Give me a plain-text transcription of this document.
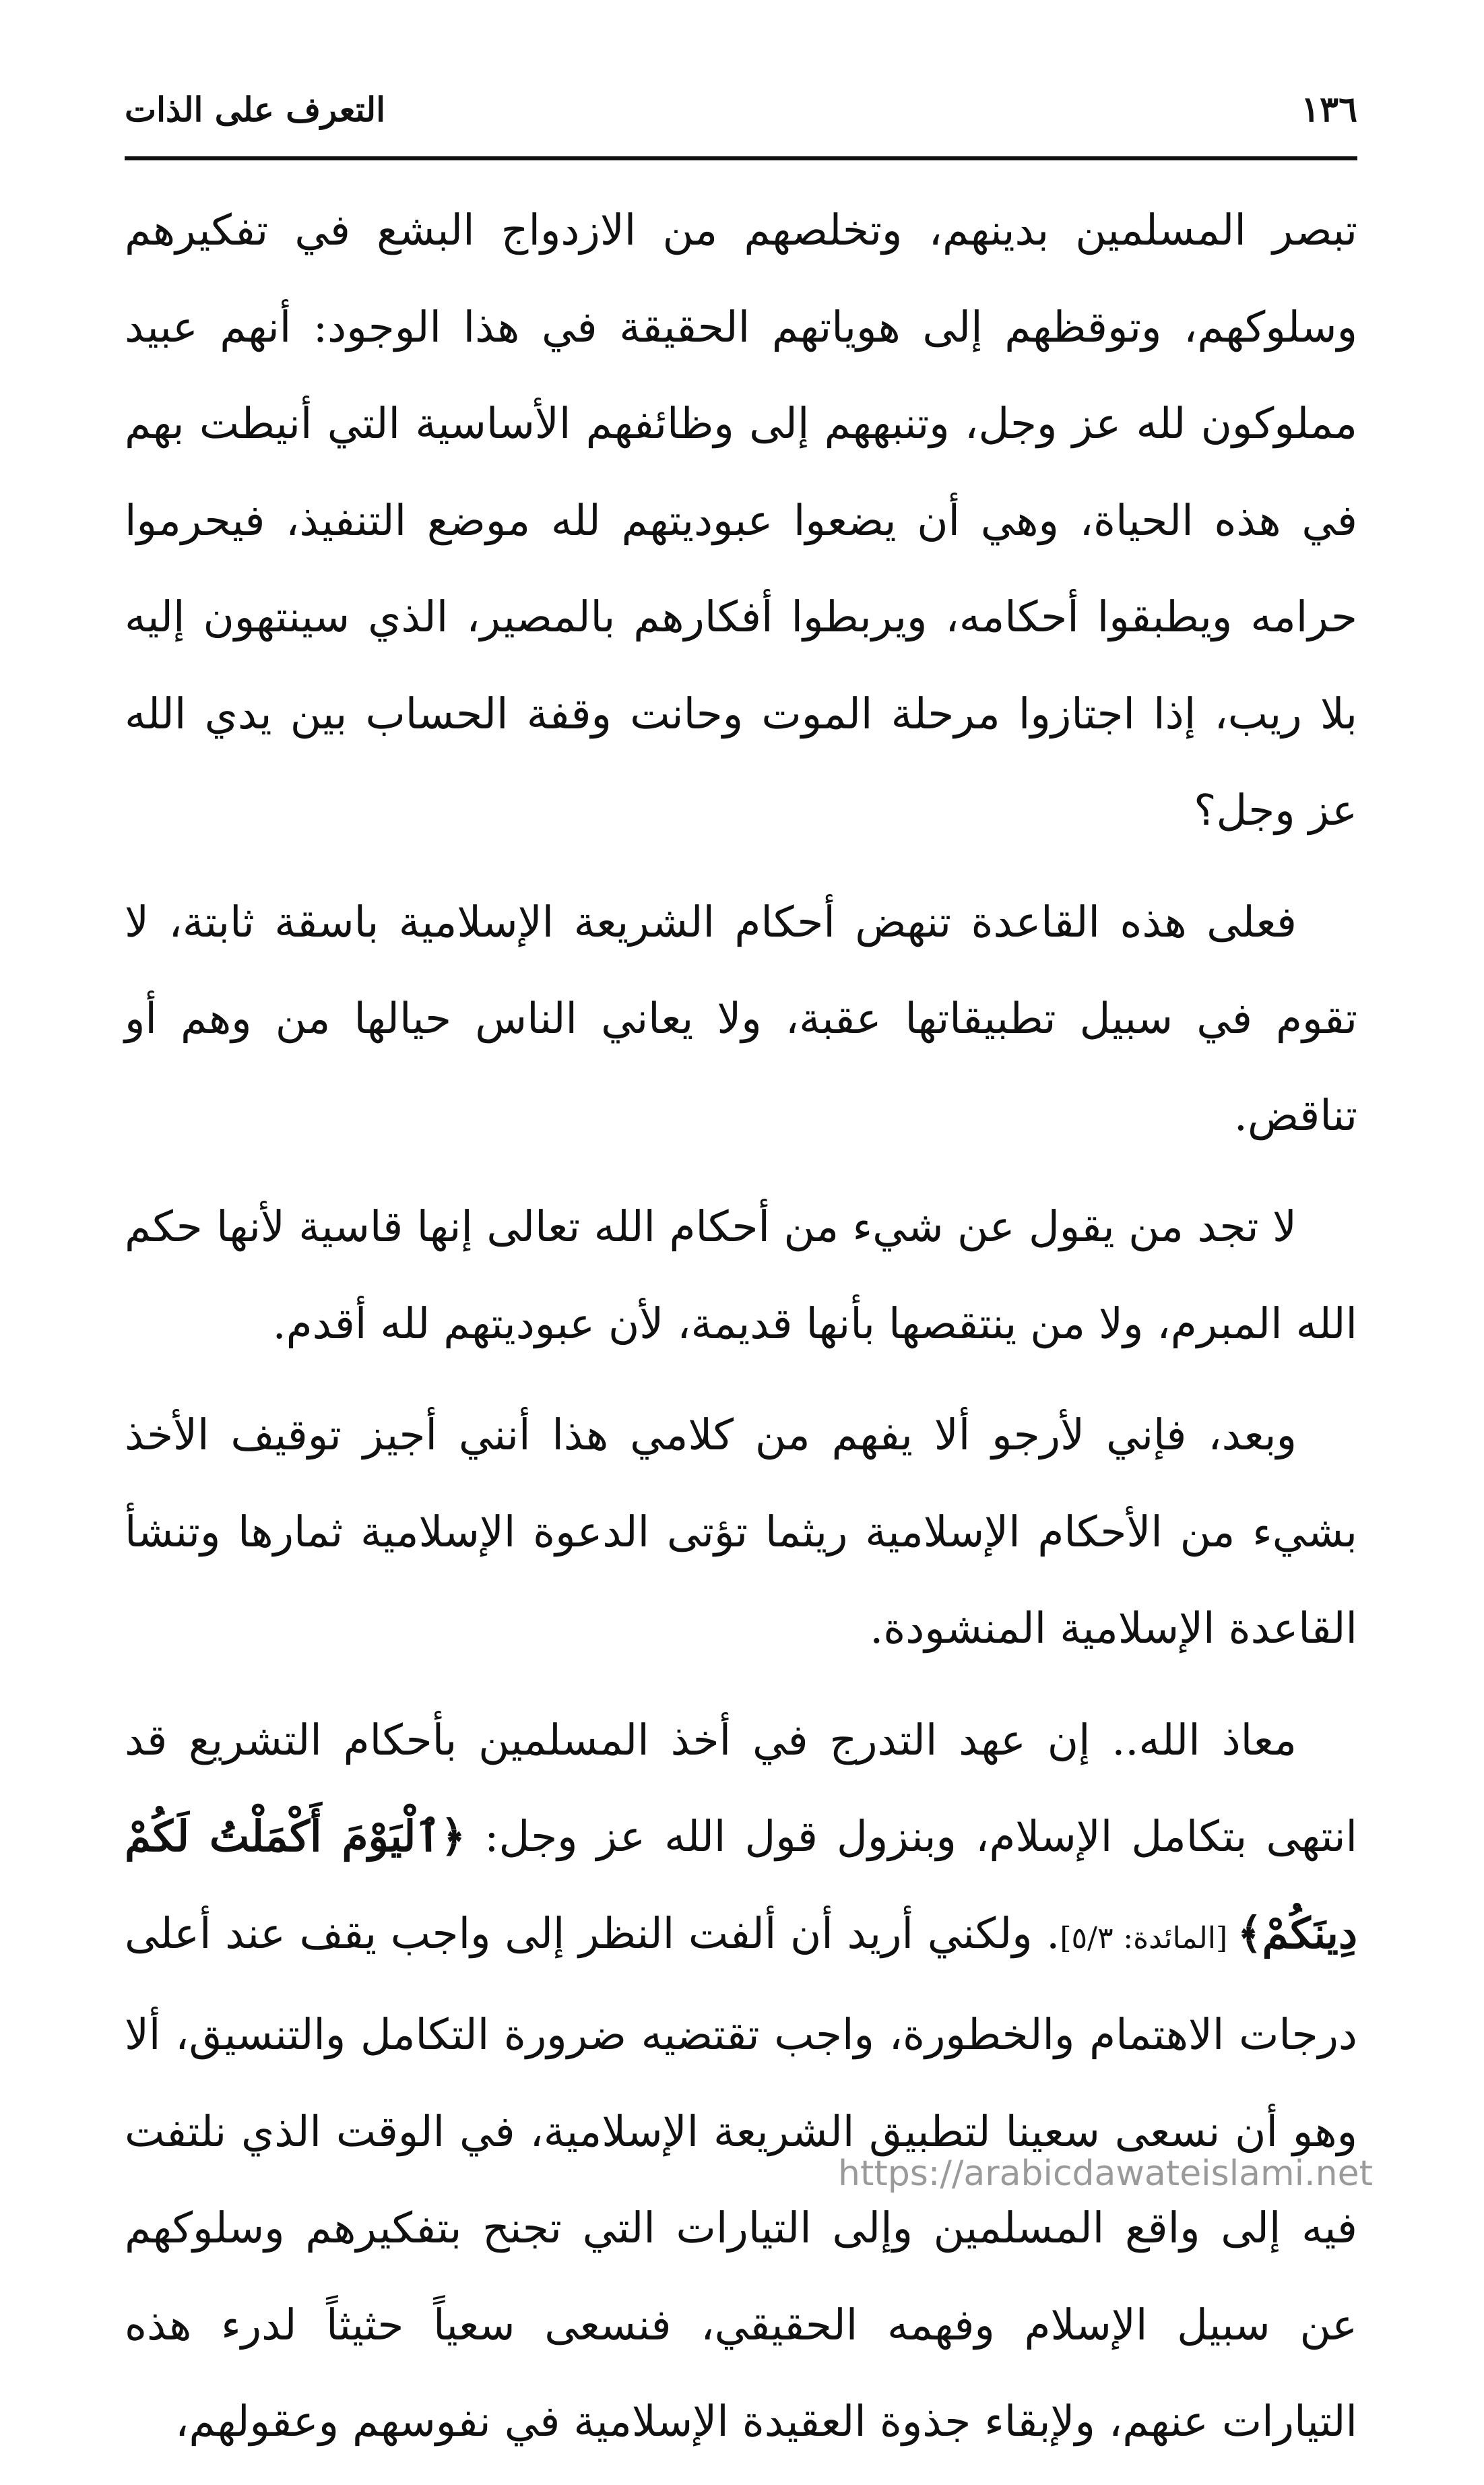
١٣٦
التعرف على الذات

تبصر المسلمين بدينهم، وتخلصهم من الازدواج البشع في تفكيرهم وسلوكهم، وتوقظهم إلى هوياتهم الحقيقة في هذا الوجود: أنهم عبيد مملوكون لله عز وجل، وتنبههم إلى وظائفهم الأساسية التي أنيطت بهم في هذه الحياة، وهي أن يضعوا عبوديتهم لله موضع التنفيذ، فيحرموا حرامه ويطبقوا أحكامه، ويربطوا أفكارهم بالمصير، الذي سينتهون إليه بلا ريب، إذا اجتازوا مرحلة الموت وحانت وقفة الحساب بين يدي الله عز وجل؟

فعلى هذه القاعدة تنهض أحكام الشريعة الإسلامية باسقة ثابتة، لا تقوم في سبيل تطبيقاتها عقبة، ولا يعاني الناس حيالها من وهم أو تناقض.

لا تجد من يقول عن شيء من أحكام الله تعالى إنها قاسية لأنها حكم الله المبرم، ولا من ينتقصها بأنها قديمة، لأن عبوديتهم لله أقدم.

وبعد، فإني لأرجو ألا يفهم من كلامي هذا أنني أجيز توقيف الأخذ بشيء من الأحكام الإسلامية ريثما تؤتى الدعوة الإسلامية ثمارها وتنشأ القاعدة الإسلامية المنشودة.

معاذ الله.. إن عهد التدرج في أخذ المسلمين بأحكام التشريع قد انتهى بتكامل الإسلام، وبنزول قول الله عز وجل: ﴿ٱلْيَوْمَ أَكْمَلْتُ لَكُمْ دِينَكُمْ﴾ [المائدة: ٥/٣]. ولكني أريد أن ألفت النظر إلى واجب يقف عند أعلى درجات الاهتمام والخطورة، واجب تقتضيه ضرورة التكامل والتنسيق، ألا وهو أن نسعى سعينا لتطبيق الشريعة الإسلامية، في الوقت الذي نلتفت فيه إلى واقع المسلمين وإلى التيارات التي تجنح بتفكيرهم وسلوكهم عن سبيل الإسلام وفهمه الحقيقي، فنسعى سعياً حثيثاً لدرء هذه التيارات عنهم، ولإبقاء جذوة العقيدة الإسلامية في نفوسهم وعقولهم،

https://arabicdawateislami.net
